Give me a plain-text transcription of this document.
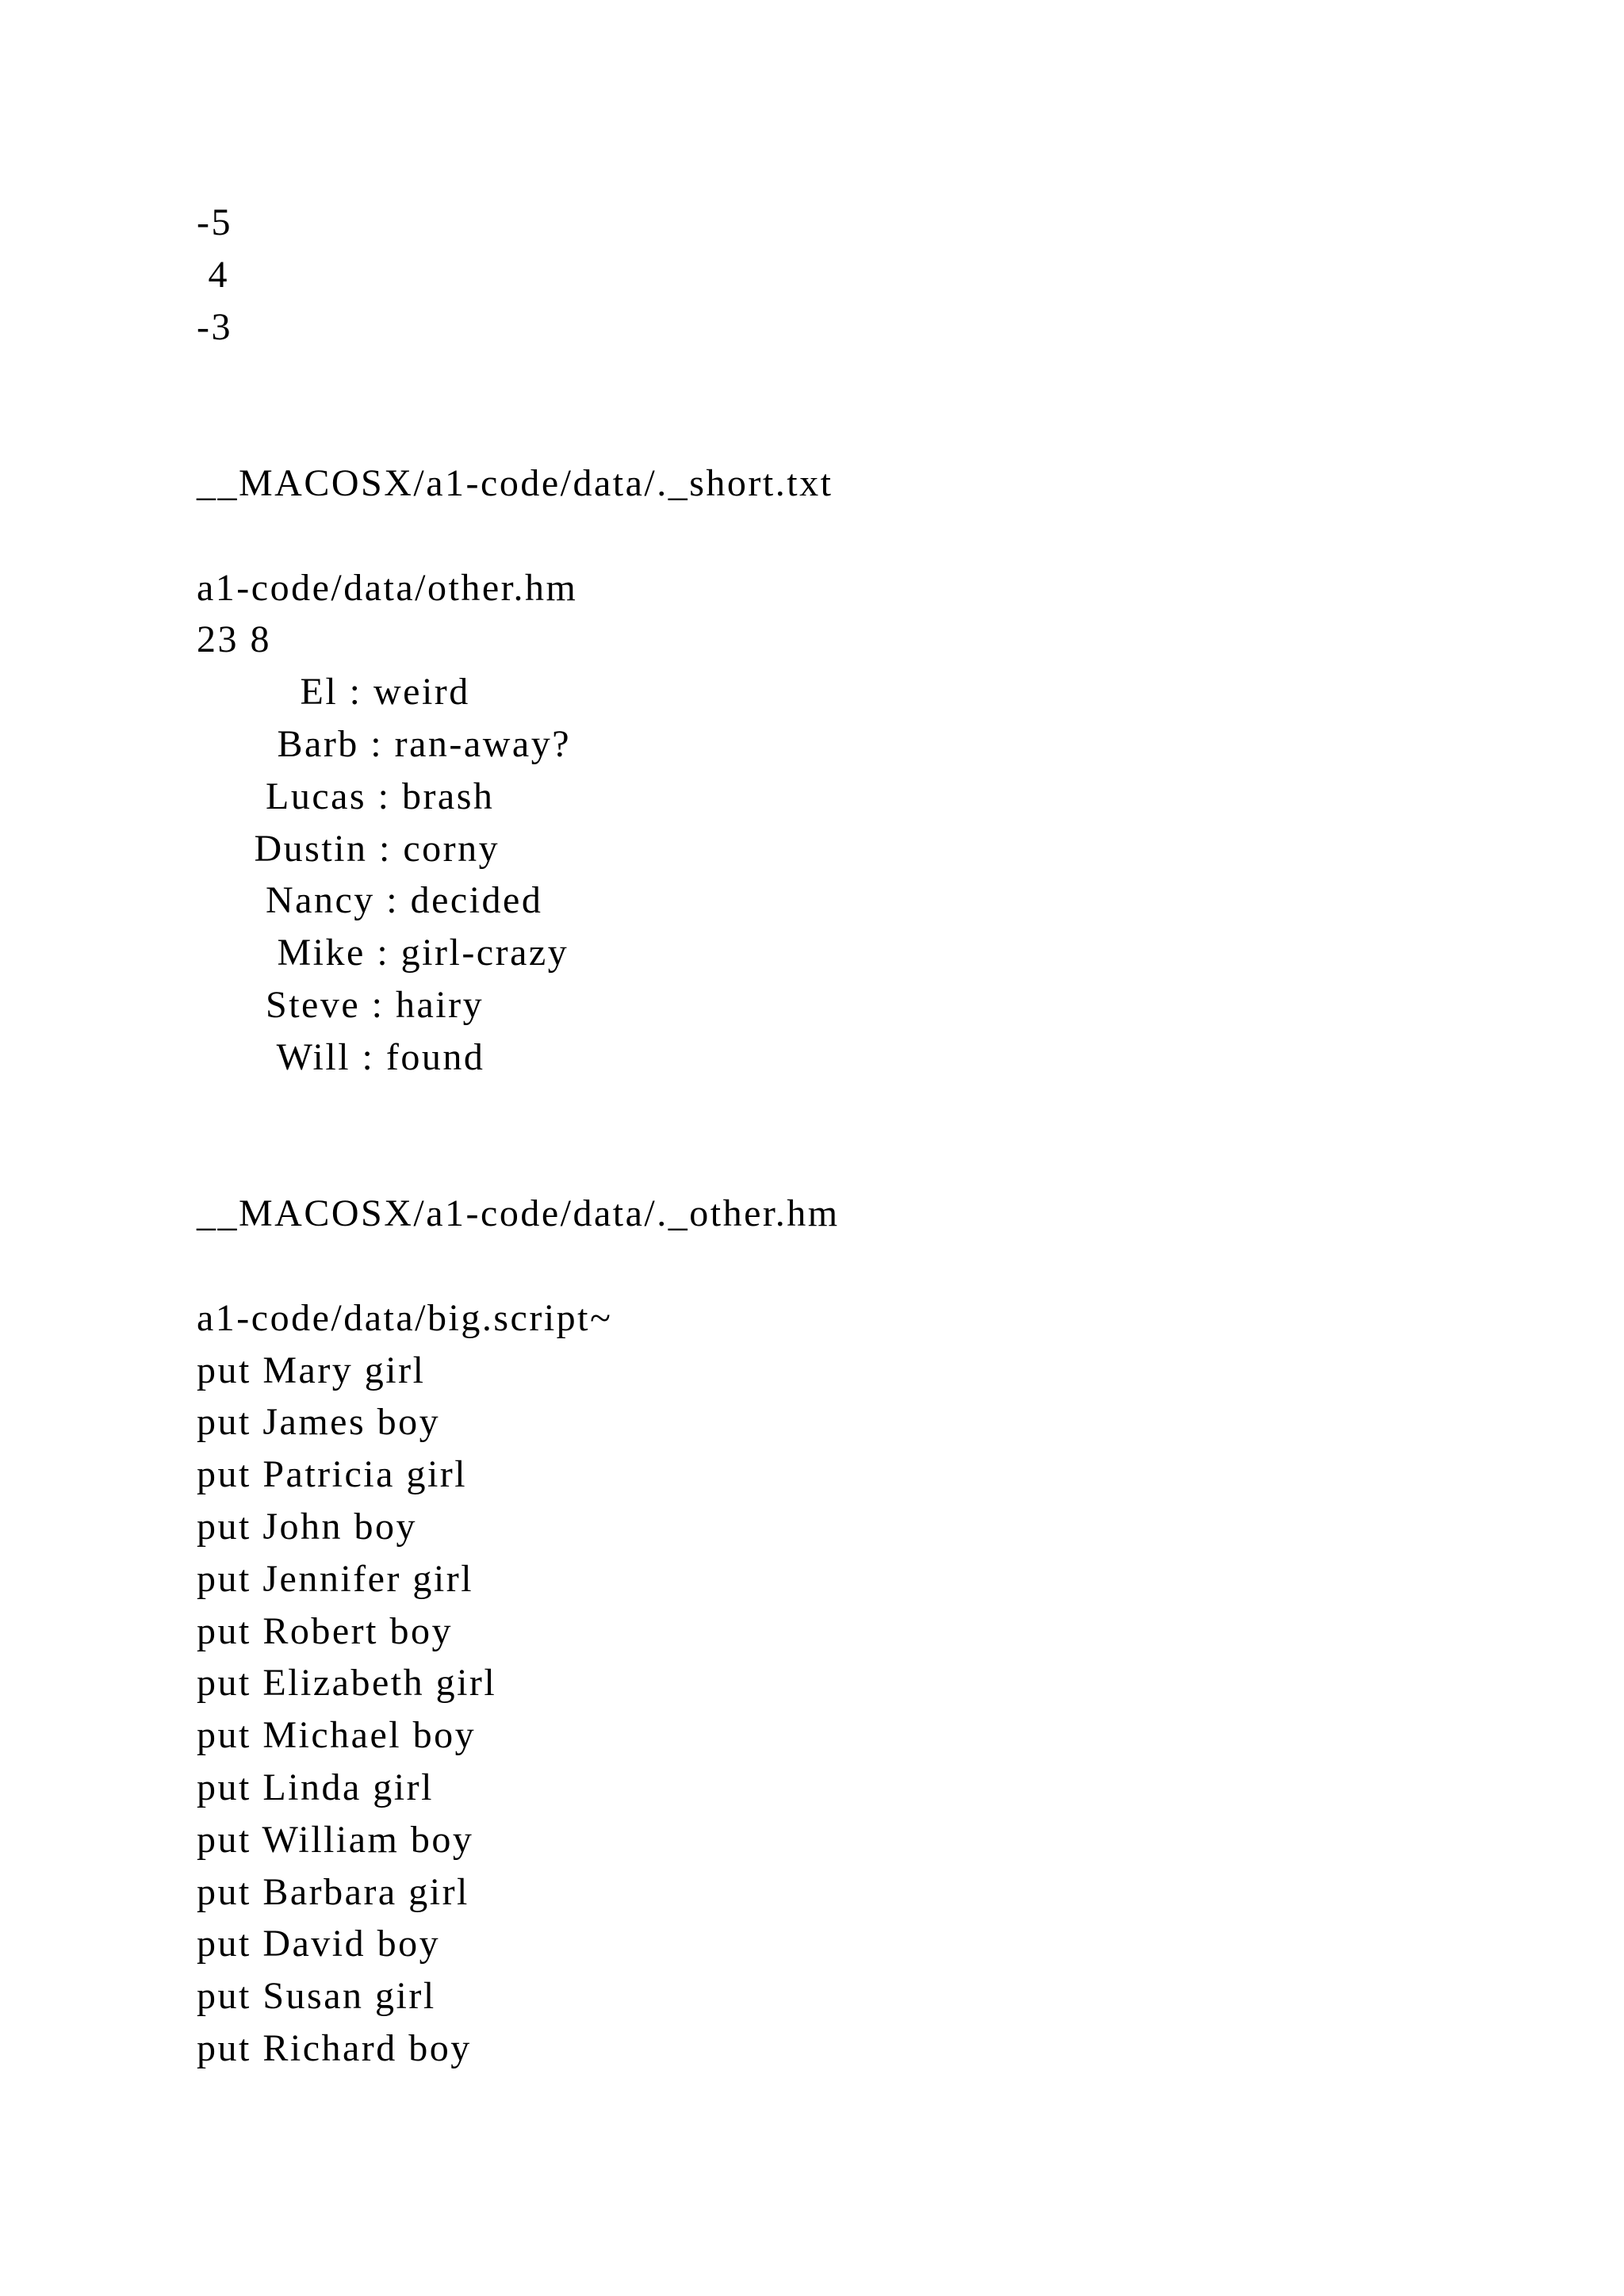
-5
4
-3
__MACOSX/a1-code/data/._short.txt
a1-code/data/other.hm
23 8
El : weird
Barb : ran-away?
Lucas : brash
Dustin : corny
Nancy : decided
Mike : girl-crazy
Steve : hairy
Will : found
__MACOSX/a1-code/data/._other.hm
a1-code/data/big.script~
put Mary girl
put James boy
put Patricia girl
put John boy
put Jennifer girl
put Robert boy
put Elizabeth girl
put Michael boy
put Linda girl
put William boy
put Barbara girl
put David boy
put Susan girl
put Richard boy
